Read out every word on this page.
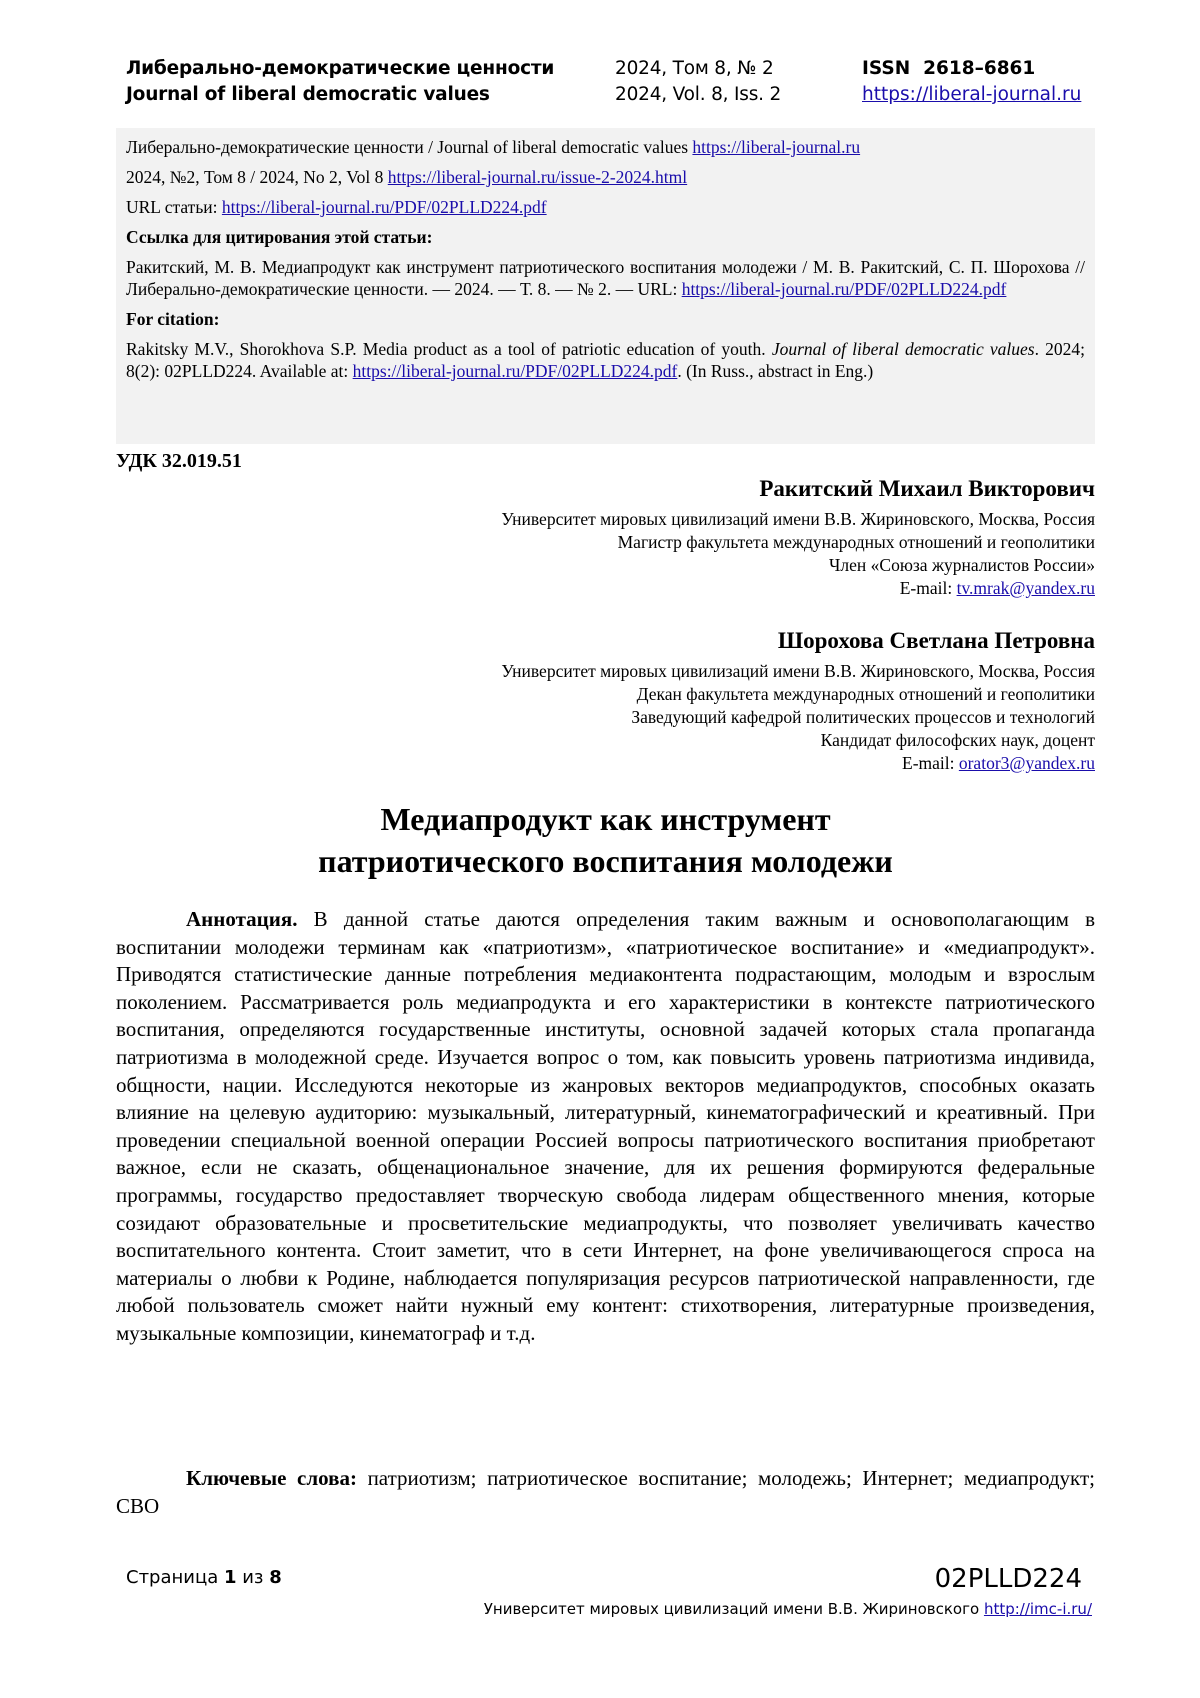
Либерально-демократические ценности
Journal of liberal democratic values
2024, Том 8, № 2
2024, Vol. 8, Iss. 2
ISSN 2618–6861
https://liberal-journal.ru
Либерально-демократические ценности / Journal of liberal democratic values https://liberal-journal.ru
2024, №2, Том 8 / 2024, No 2, Vol 8 https://liberal-journal.ru/issue-2-2024.html
URL статьи: https://liberal-journal.ru/PDF/02PLLD224.pdf
Ссылка для цитирования этой статьи:
Ракитский, М. В. Медиапродукт как инструмент патриотического воспитания молодежи / М. В. Ракитский, С. П. Шорохова // Либерально-демократические ценности. — 2024. — Т. 8. — № 2. — URL: https://liberal-journal.ru/PDF/02PLLD224.pdf
For citation:
Rakitsky M.V., Shorokhova S.P. Media product as a tool of patriotic education of youth. Journal of liberal democratic values. 2024; 8(2): 02PLLD224. Available at: https://liberal-journal.ru/PDF/02PLLD224.pdf. (In Russ., abstract in Eng.)
УДК 32.019.51
Ракитский Михаил Викторович
Университет мировых цивилизаций имени В.В. Жириновского, Москва, Россия
Магистр факультета международных отношений и геополитики
Член «Союза журналистов России»
E-mail: tv.mrak@yandex.ru
Шорохова Светлана Петровна
Университет мировых цивилизаций имени В.В. Жириновского, Москва, Россия
Декан факультета международных отношений и геополитики
Заведующий кафедрой политических процессов и технологий
Кандидат философских наук, доцент
E-mail: orator3@yandex.ru
Медиапродукт как инструмент
патриотического воспитания молодежи
Аннотация. В данной статье даются определения таким важным и основополагающим в воспитании молодежи терминам как «патриотизм», «патриотическое воспитание» и «медиапродукт». Приводятся статистические данные потребления медиаконтента подрастающим, молодым и взрослым поколением. Рассматривается роль медиапродукта и его характеристики в контексте патриотического воспитания, определяются государственные институты, основной задачей которых стала пропаганда патриотизма в молодежной среде. Изучается вопрос о том, как повысить уровень патриотизма индивида, общности, нации. Исследуются некоторые из жанровых векторов медиапродуктов, способных оказать влияние на целевую аудиторию: музыкальный, литературный, кинематографический и креативный. При проведении специальной военной операции Россией вопросы патриотического воспитания приобретают важное, если не сказать, общенациональное значение, для их решения формируются федеральные программы, государство предоставляет творческую свобода лидерам общественного мнения, которые созидают образовательные и просветительские медиапродукты, что позволяет увеличивать качество воспитательного контента. Стоит заметит, что в сети Интернет, на фоне увеличивающегося спроса на материалы о любви к Родине, наблюдается популяризация ресурсов патриотической направленности, где любой пользователь сможет найти нужный ему контент: стихотворения, литературные произведения, музыкальные композиции, кинематограф и т.д.
Ключевые слова: патриотизм; патриотическое воспитание; молодежь; Интернет; медиапродукт; СВО
Страница 1 из 8	02PLLD224
Университет мировых цивилизаций имени В.В. Жириновского http://imc-i.ru/
